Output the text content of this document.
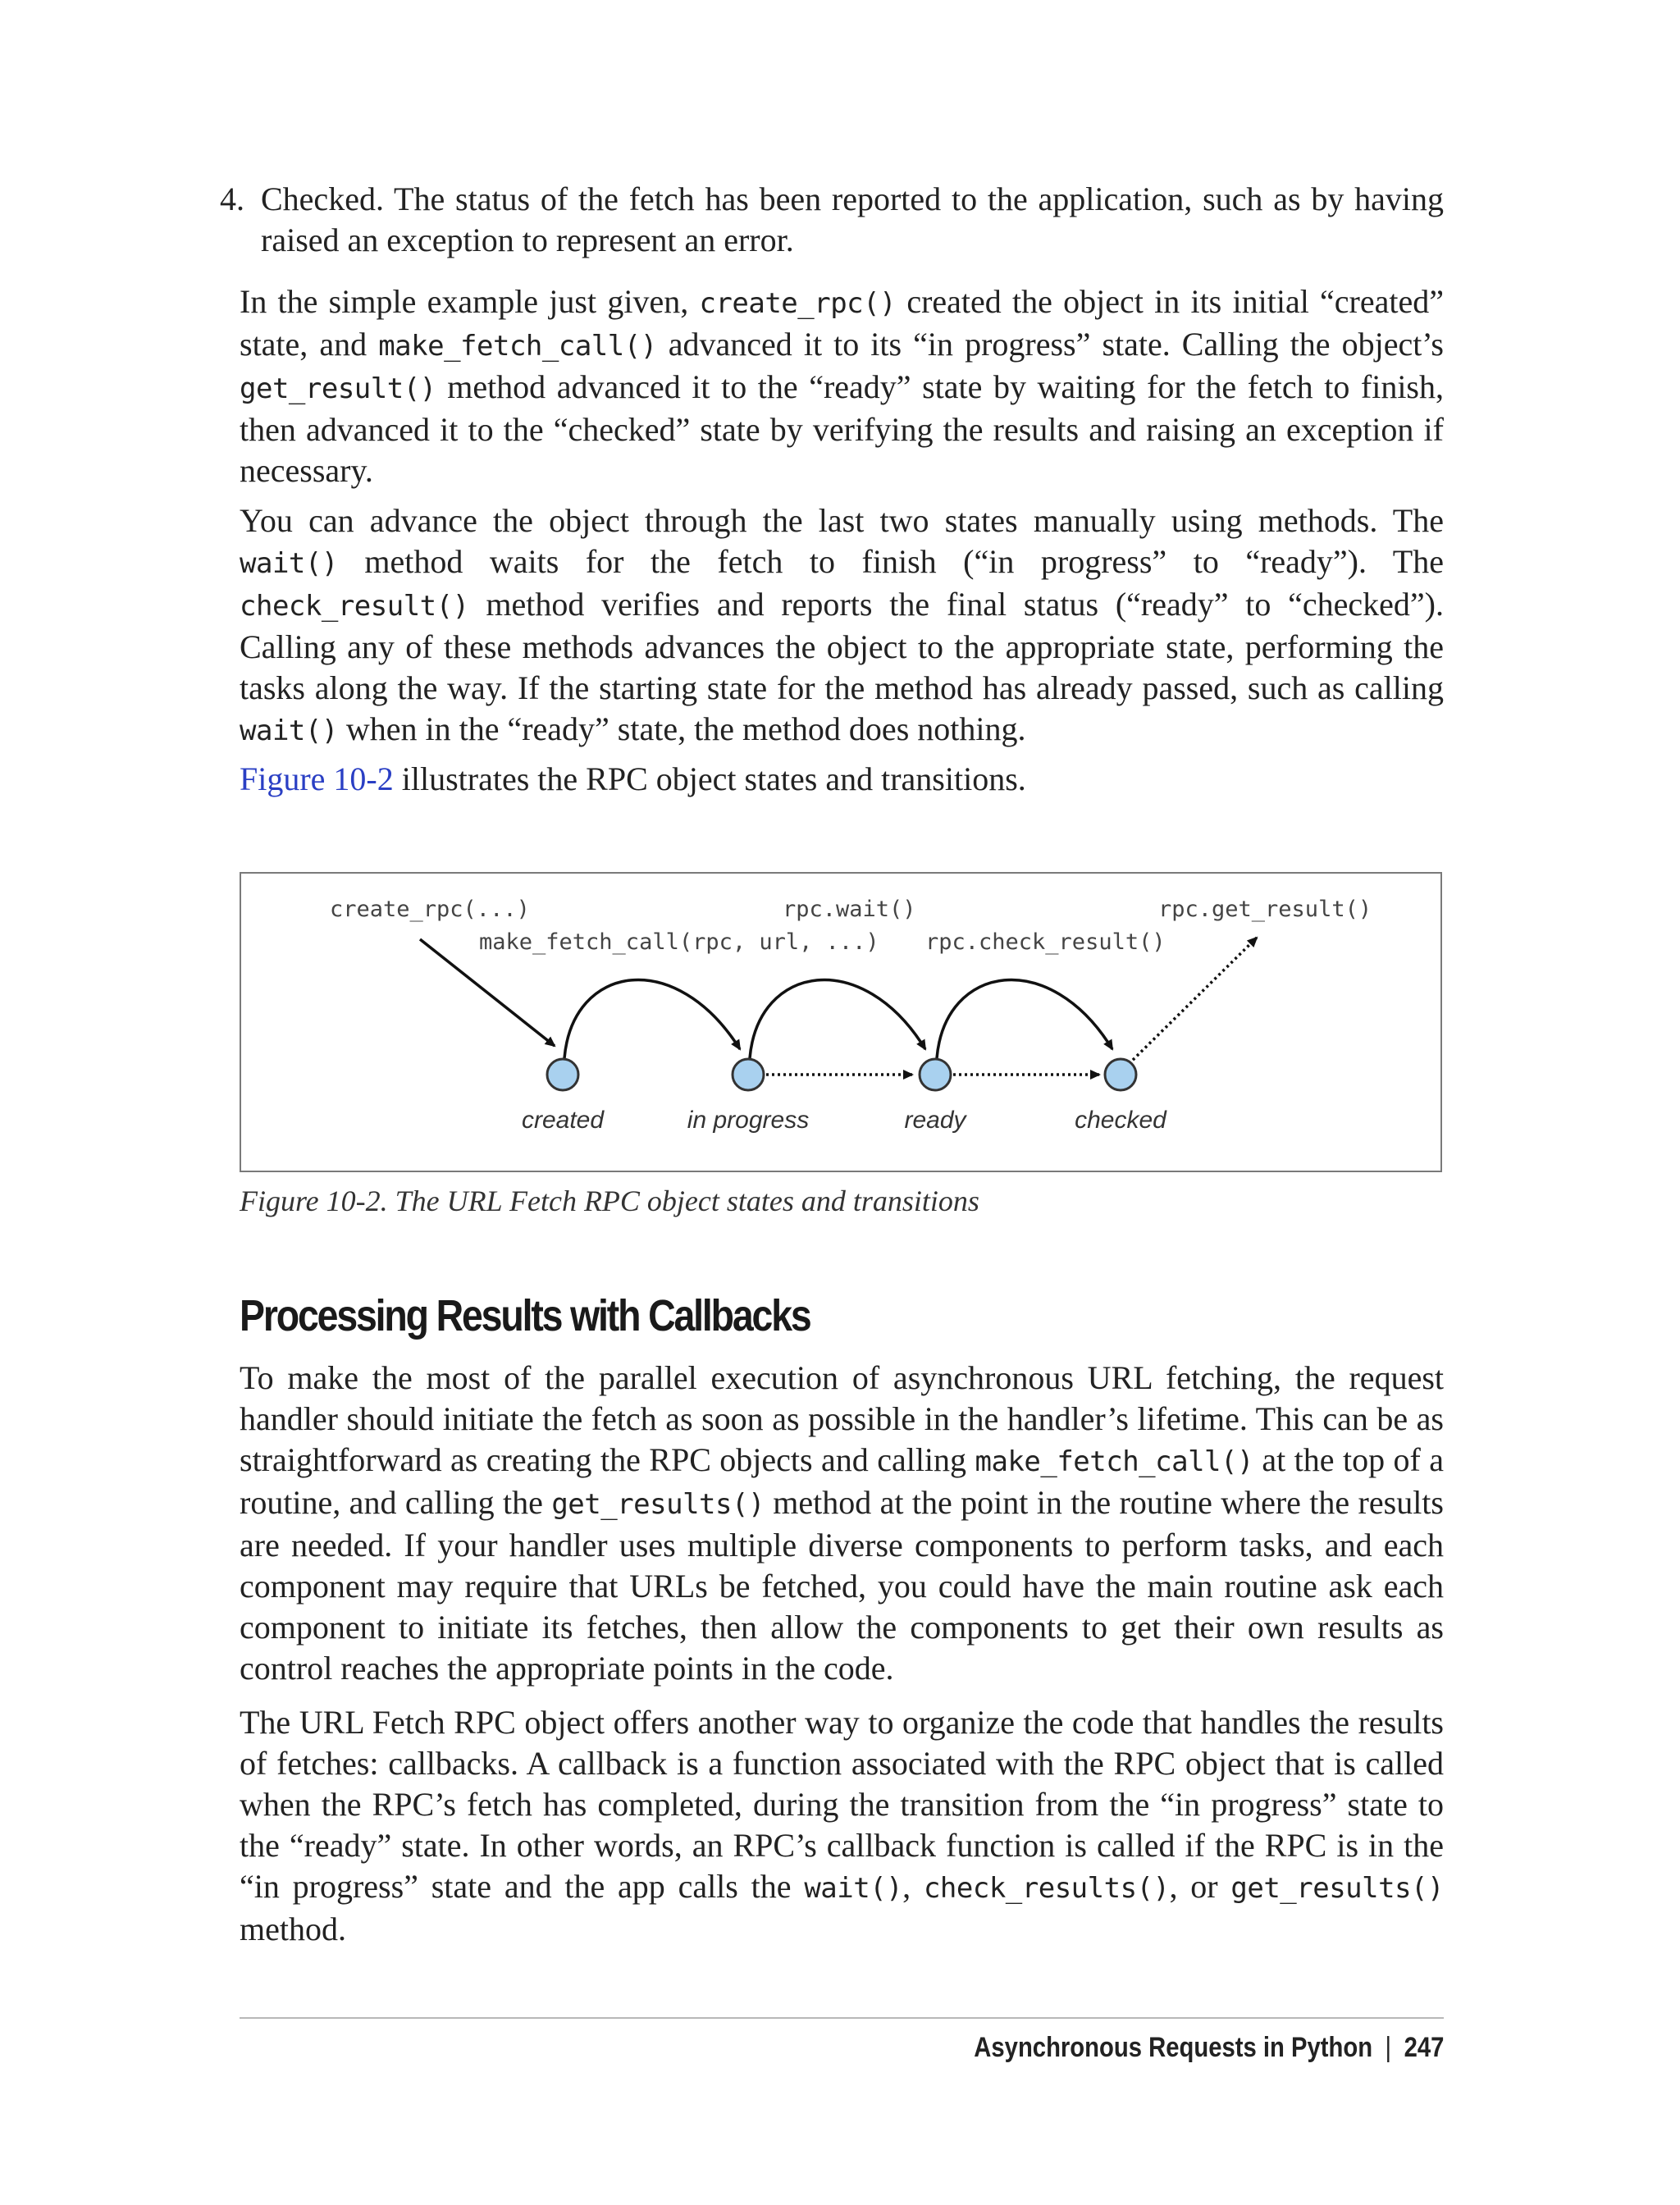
4. Checked. The status of the fetch has been reported to the application, such as by having raised an exception to represent an error.

In the simple example just given, create_rpc() created the object in its initial “created” state, and make_fetch_call() advanced it to its “in progress” state. Calling the object’s get_result() method advanced it to the “ready” state by waiting for the fetch to finish, then advanced it to the “checked” state by verifying the results and raising an exception if necessary.

You can advance the object through the last two states manually using methods. The wait() method waits for the fetch to finish (“in progress” to “ready”). The check_result() method verifies and reports the final status (“ready” to “checked”). Calling any of these methods advances the object to the appropriate state, performing the tasks along the way. If the starting state for the method has already passed, such as calling wait() when in the “ready” state, the method does nothing.

Figure 10-2 illustrates the RPC object states and transitions.

create_rpc(...)
make_fetch_call(rpc, url, ...)
rpc.wait()
rpc.check_result()
rpc.get_result()
created	in progress	ready	checked
Figure 10-2. The URL Fetch RPC object states and transitions
Processing Results with Callbacks

To make the most of the parallel execution of asynchronous URL fetching, the request handler should initiate the fetch as soon as possible in the handler’s lifetime. This can be as straightforward as creating the RPC objects and calling make_fetch_call() at the top of a routine, and calling the get_results() method at the point in the routine where the results are needed. If your handler uses multiple diverse components to perform tasks, and each component may require that URLs be fetched, you could have the main routine ask each component to initiate its fetches, then allow the components to get their own results as control reaches the appropriate points in the code.

The URL Fetch RPC object offers another way to organize the code that handles the results of fetches: callbacks. A callback is a function associated with the RPC object that is called when the RPC’s fetch has completed, during the transition from the “in progress” state to the “ready” state. In other words, an RPC’s callback function is called if the RPC is in the “in progress” state and the app calls the wait(), check_results(), or get_results() method.

Asynchronous Requests in Python | 247
